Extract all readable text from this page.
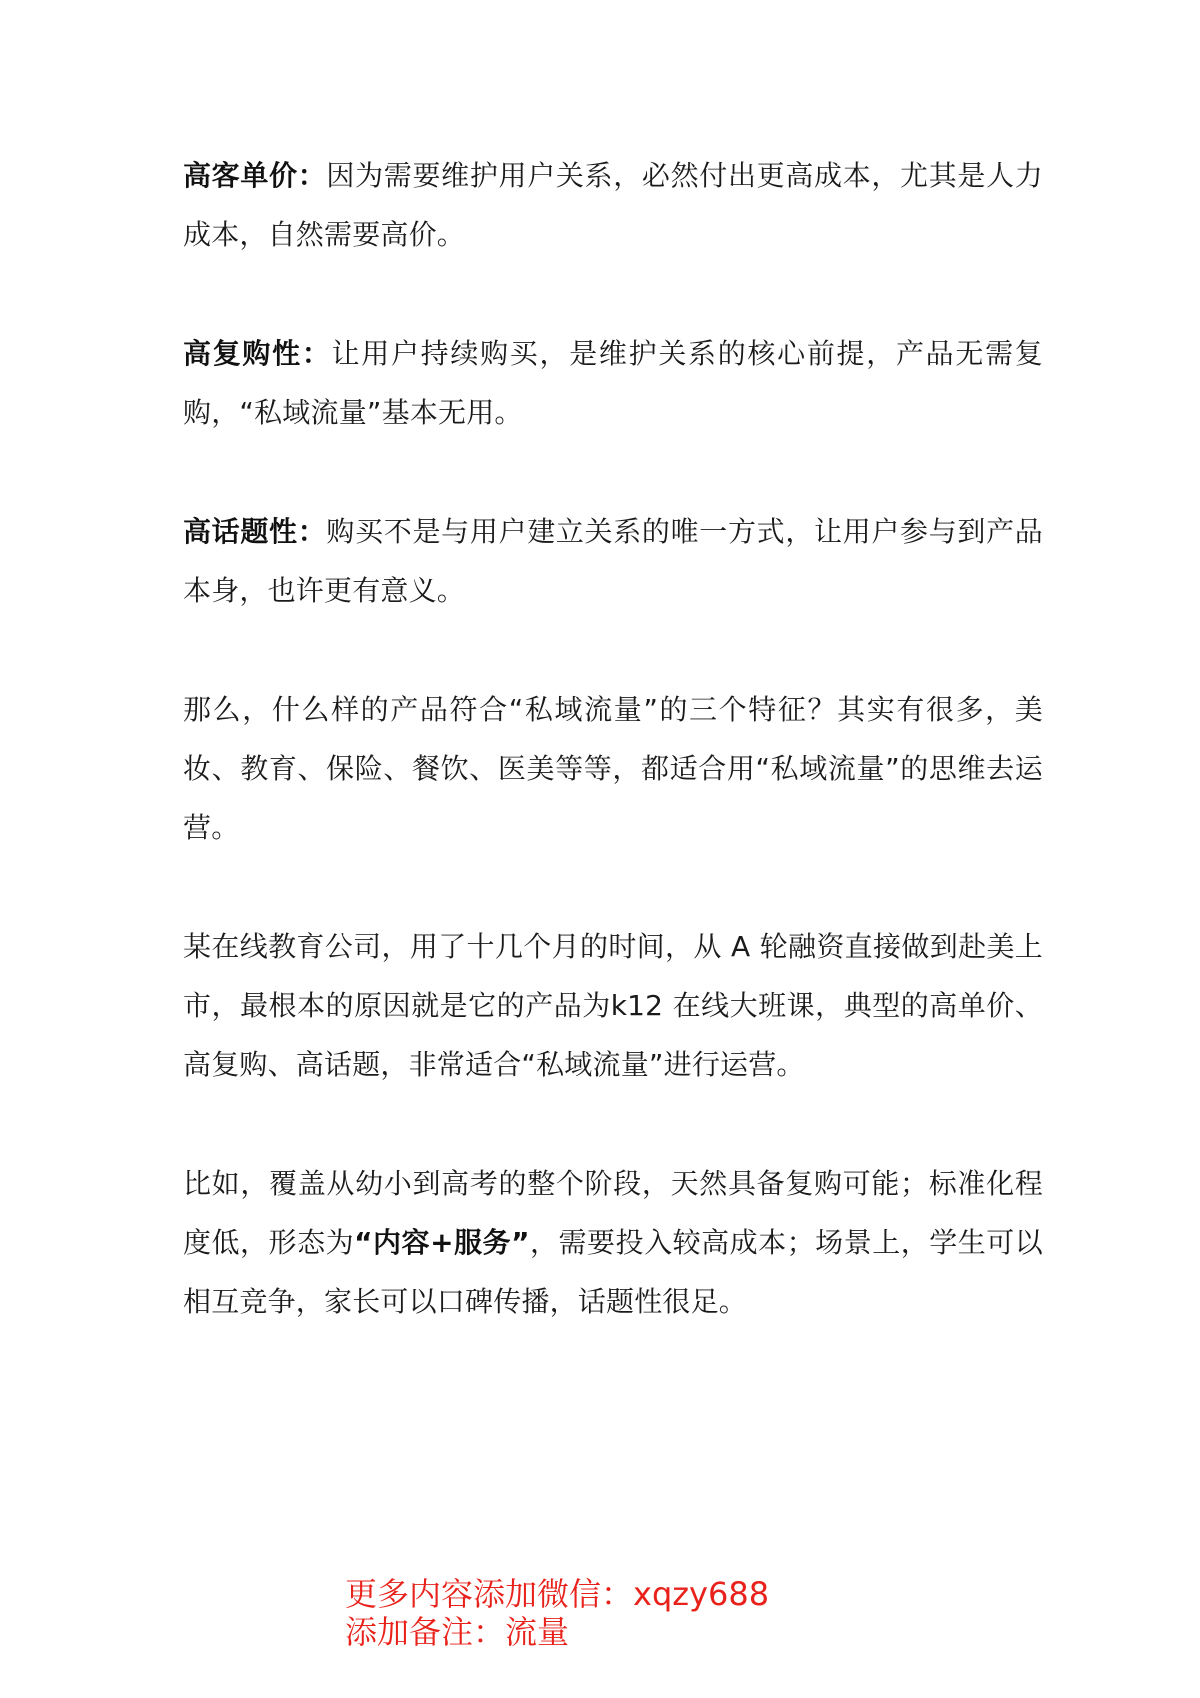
高客单价：因为需要维护用户关系，必然付出更高成本，尤其是人力成本，自然需要高价。

高复购性：让用户持续购买，是维护关系的核心前提，产品无需复购，“私域流量”基本无用。

高话题性：购买不是与用户建立关系的唯一方式，让用户参与到产品本身，也许更有意义。

那么，什么样的产品符合“私域流量”的三个特征？其实有很多，美妆、教育、保险、餐饮、医美等等，都适合用“私域流量”的思维去运营。

某在线教育公司，用了十几个月的时间，从 A 轮融资直接做到赴美上市，最根本的原因就是它的产品为k12 在线大班课，典型的高单价、高复购、高话题，非常适合“私域流量”进行运营。

比如，覆盖从幼小到高考的整个阶段，天然具备复购可能；标准化程度低，形态为“内容+服务”，需要投入较高成本；场景上，学生可以相互竞争，家长可以口碑传播，话题性很足。

更多内容添加微信：xqzy688
添加备注：流量
